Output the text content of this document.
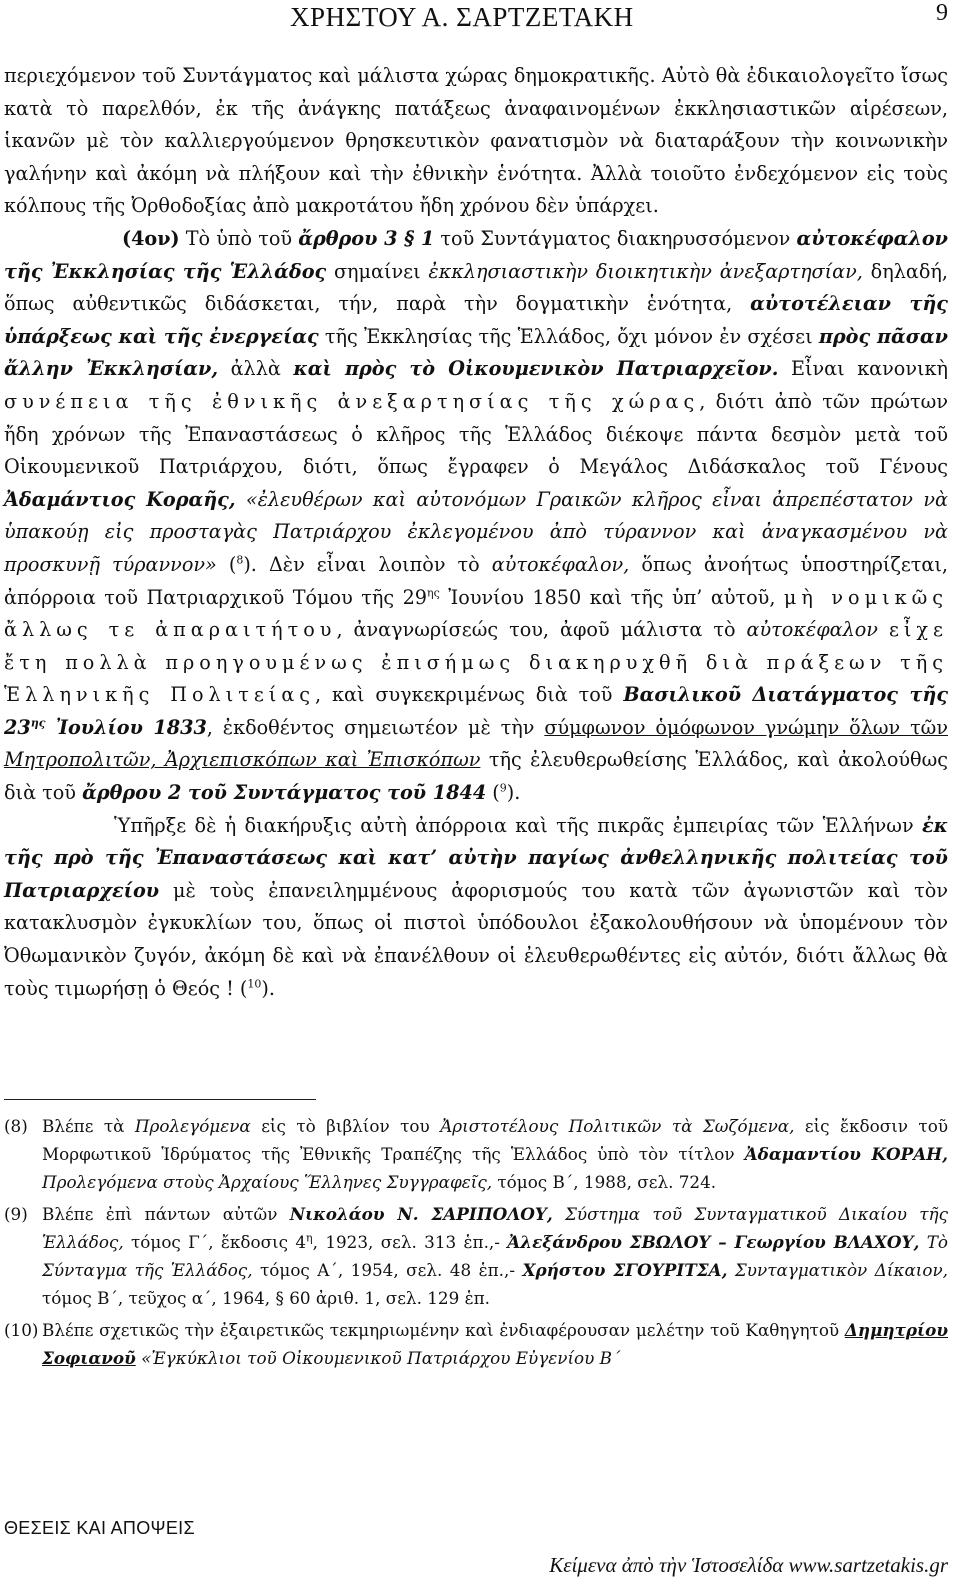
ΧΡΗΣΤΟΥ Α. ΣΑΡΤΖΕΤΑΚΗ	9

περιεχόμενον τοῦ Συντάγματος καὶ μάλιστα χώρας δημοκρατικῆς. Αὐτὸ θὰ ἐδικαιολογεῖτο ἴσως κατὰ τὸ παρελθόν, ἐκ τῆς ἀνάγκης πατάξεως ἀναφαινομένων ἐκκλησιαστικῶν αἱρέσεων, ἱκανῶν μὲ τὸν καλλιεργούμενον θρησκευτικὸν φανατισμὸν νὰ διαταράξουν τὴν κοινωνικὴν γαλήνην καὶ ἀκόμη νὰ πλήξουν καὶ τὴν ἐθνικὴν ἑνότητα. Ἀλλὰ τοιοῦτο ἐνδεχόμενον εἰς τοὺς κόλπους τῆς Ὀρθοδοξίας ἀπὸ μακροτάτου ἤδη χρόνου δὲν ὑπάρχει.

(4ον) Τὸ ὑπὸ τοῦ ἄρθρου 3 § 1 τοῦ Συντάγματος διακηρυσσόμενον αὐτοκέφαλον τῆς Ἐκκλησίας τῆς Ἑλλάδος σημαίνει ἐκκλησιαστικὴν διοικητικὴν ἀνεξαρτησίαν, δηλαδή, ὅπως αὐθεντικῶς διδάσκεται, τήν, παρὰ τὴν δογματικὴν ἑνότητα, αὐτοτέλειαν τῆς ὑπάρξεως καὶ τῆς ἐνεργείας τῆς Ἐκκλησίας τῆς Ἑλλάδος, ὄχι μόνον ἐν σχέσει πρὸς πᾶσαν ἄλλην Ἐκκλησίαν, ἀλλὰ καὶ πρὸς τὸ Οἰκουμενικὸν Πατριαρχεῖον. Εἶναι κανονικὴ συνέπεια τῆς ἐθνικῆς ἀνεξαρτησίας τῆς χώρας, διότι ἀπὸ τῶν πρώτων ἤδη χρόνων τῆς Ἐπαναστάσεως ὁ κλῆρος τῆς Ἑλλάδος διέκοψε πάντα δεσμὸν μετὰ τοῦ Οἰκουμενικοῦ Πατριάρχου, διότι, ὅπως ἔγραφεν ὁ Μεγάλος Διδάσκαλος τοῦ Γένους Ἀδαμάντιος Κοραῆς, «ἐλευθέρων καὶ αὐτονόμων Γραικῶν κλῆρος εἶναι ἀπρεπέστατον νὰ ὑπακούῃ εἰς προσταγὰς Πατριάρχου ἐκλεγομένου ἀπὸ τύραννον καὶ ἀναγκασμένου νὰ προσκυνῇ τύραννον» ($^8$). Δὲν εἶναι λοιπὸν τὸ αὐτοκέφαλον, ὅπως ἀνοήτως ὑποστηρίζεται, ἀπόρροια τοῦ Πατριαρχικοῦ Τόμου τῆς $29^{\eta\varsigma}$ Ἰουνίου 1850 καὶ τῆς ὑπ’ αὐτοῦ, μὴ νομικῶς ἄλλως τε ἀπαραιτήτου, ἀναγνωρίσεώς του, ἀφοῦ μάλιστα τὸ αὐτοκέφαλον εἶχε ἔτη πολλὰ προηγουμένως ἐπισήμως διακηρυχθῆ διὰ πράξεων τῆς Ἑλληνικῆς Πολιτείας, καὶ συγκεκριμένως διὰ τοῦ Βασιλικοῦ Διατάγματος τῆς $23^{\eta\varsigma}$ Ἰουλίου 1833, ἐκδοθέντος σημειωτέον μὲ τὴν σύμφωνον ὁμόφωνον γνώμην ὅλων τῶν Μητροπολιτῶν, Ἀρχιεπισκόπων καὶ Ἐπισκόπων τῆς ἐλευθερωθείσης Ἑλλάδος, καὶ ἀκολούθως διὰ τοῦ ἄρθρου 2 τοῦ Συντάγματος τοῦ 1844 ($^9$).

Ὑπῆρξε δὲ ἡ διακήρυξις αὐτὴ ἀπόρροια καὶ τῆς πικρᾶς ἐμπειρίας τῶν Ἑλλήνων ἐκ τῆς πρὸ τῆς Ἐπαναστάσεως καὶ κατ’ αὐτὴν παγίως ἀνθελληνικῆς πολιτείας τοῦ Πατριαρχείου μὲ τοὺς ἐπανειλημμένους ἀφορισμούς του κατὰ τῶν ἀγωνιστῶν καὶ τὸν κατακλυσμὸν ἐγκυκλίων του, ὅπως οἱ πιστοὶ ὑπόδουλοι ἐξακολουθήσουν νὰ ὑπομένουν τὸν Ὀθωμανικὸν ζυγόν, ἀκόμη δὲ καὶ νὰ ἐπανέλθουν οἱ ἐλευθερωθέντες εἰς αὐτόν, διότι ἄλλως θὰ τοὺς τιμωρήσῃ ὁ Θεός ! ($^{10}$).

(8) Βλέπε τὰ Προλεγόμενα εἰς τὸ βιβλίον του Ἀριστοτέλους Πολιτικῶν τὰ Σωζόμενα, εἰς ἔκδοσιν τοῦ Μορφωτικοῦ Ἱδρύματος τῆς Ἐθνικῆς Τραπέζης τῆς Ἑλλάδος ὑπὸ τὸν τίτλον Ἀδαμαντίου ΚΟΡΑΗ, Προλεγόμενα στοὺς Ἀρχαίους Ἕλληνες Συγγραφεῖς, τόμος Β΄, 1988, σελ. 724.

(9) Βλέπε ἐπὶ πάντων αὐτῶν Νικολάου Ν. ΣΑΡΙΠΟΛΟΥ, Σύστημα τοῦ Συνταγματικοῦ Δικαίου τῆς Ἑλλάδος, τόμος Γ΄, ἔκδοσις $4^\eta$, 1923, σελ. 313 ἑπ.,- Ἀλεξάνδρου ΣΒΩΛΟΥ – Γεωργίου ΒΛΑΧΟΥ, Τὸ Σύνταγμα τῆς Ἑλλάδος, τόμος Α΄, 1954, σελ. 48 ἑπ.,- Χρήστου ΣΓΟΥΡΙΤΣΑ, Συνταγματικὸν Δίκαιον, τόμος Β΄, τεῦχος α΄, 1964, § 60 ἀριθ. 1, σελ. 129 ἑπ.

(10) Βλέπε σχετικῶς τὴν ἐξαιρετικῶς τεκμηριωμένην καὶ ἐνδιαφέρουσαν μελέτην τοῦ Καθηγητοῦ Δημητρίου Σοφιανοῦ «Ἐγκύκλιοι τοῦ Οἰκουμενικοῦ Πατριάρχου Εὐγενίου Β΄

ΘΕΣΕΙΣ ΚΑΙ ΑΠΟΨΕΙΣ
Κείμενα ἀπὸ τὴν Ἱστοσελίδα www.sartzetakis.gr
